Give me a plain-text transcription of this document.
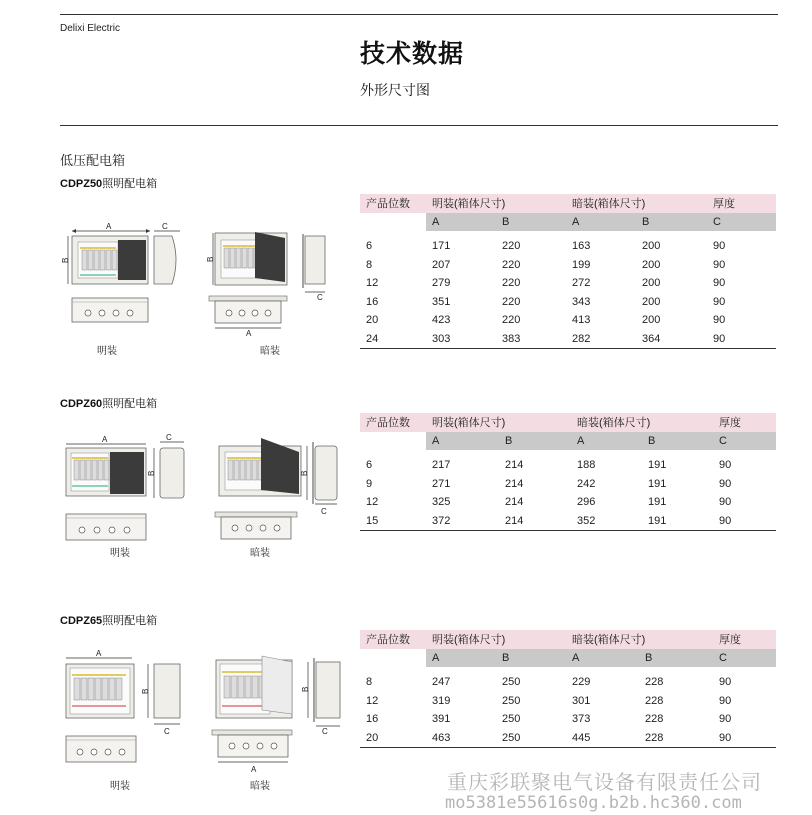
Delixi Electric
技术数据
外形尺寸图
低压配电箱
CDPZ50照明配电箱
CDPZ60照明配电箱
CDPZ65照明配电箱
产品位数	明装(箱体尺寸)		暗装(箱体尺寸)		厚度
	A	B	A	B	C

6	171	220	163	200	90
8	207	220	199	200	90
12	279	220	272	200	90
16	351	220	343	200	90
20	423	220	413	200	90
24	303	383	282	364	90
产品位数	明装(箱体尺寸)		暗装(箱体尺寸)		厚度
	A	B	A	B	C

6	217	214	188	191	90
9	271	214	242	191	90
12	325	214	296	191	90
15	372	214	352	191	90
产品位数	明装(箱体尺寸)		暗装(箱体尺寸)		厚度
	A	B	A	B	C

8	247	250	229	228	90
12	319	250	301	228	90
16	391	250	373	228	90
20	463	250	445	228	90
A
B
C
明装
B
C
A
暗装
A	C
B
明装
B
C
暗装
A
B
C
明装
B
C
A
暗装	重庆彩联聚电气设备有限责任公司
mo5381e55616s0g.b2b.hc360.com
